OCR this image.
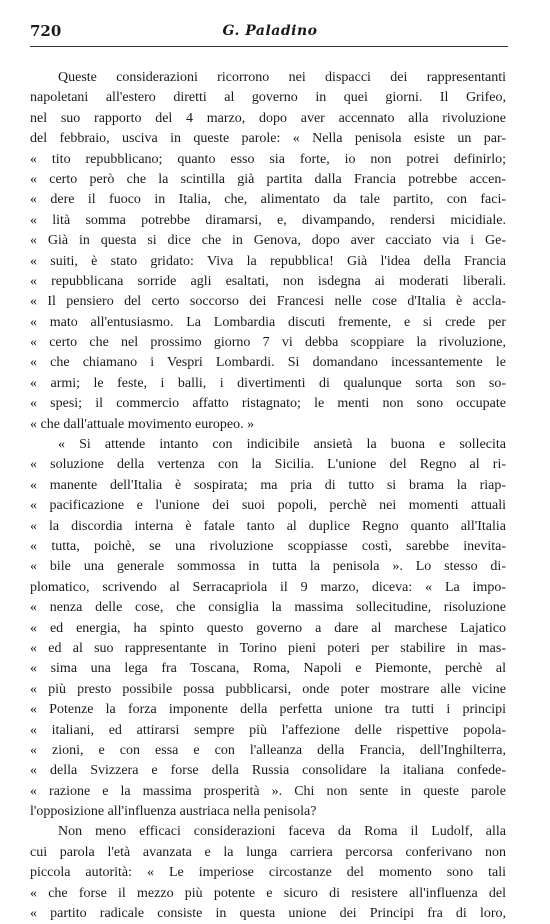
720	G. Paladino
Queste considerazioni ricorrono nei dispacci dei rappresentanti
napoletani all'estero diretti al governo in quei giorni. Il Grifeo,
nel suo rapporto del 4 marzo, dopo aver accennato alla rivoluzione
del febbraio, usciva in queste parole: « Nella penisola esiste un par-
« tito repubblicano; quanto esso sia forte, io non potrei definirlo;
« certo però che la scintilla già partita dalla Francia potrebbe accen-
« dere il fuoco in Italia, che, alimentato da tale partito, con faci-
« lità somma potrebbe diramarsi, e, divampando, rendersi micidiale.
« Già in questa si dice che in Genova, dopo aver cacciato via i Ge-
« suiti, è stato gridato: Viva la repubblica! Già l'idea della Francia
« repubblicana sorride agli esaltati, non isdegna ai moderati liberali.
« Il pensiero del certo soccorso dei Francesi nelle cose d'Italia è accla-
« mato all'entusiasmo. La Lombardia discuti fremente, e si crede per
« certo che nel prossimo giorno 7 vi debba scoppiare la rivoluzione,
« che chiamano i Vespri Lombardi. Si domandano incessantemente le
« armi; le feste, i balli, i divertimenti di qualunque sorta son so-
« spesi; il commercio affatto ristagnato; le menti non sono occupate
« che dall'attuale movimento europeo. »
« Si attende intanto con indicibile ansietà la buona e sollecita
« soluzione della vertenza con la Sicilia. L'unione del Regno al ri-
« manente dell'Italia è sospirata; ma pria di tutto si brama la riap-
« pacificazione e l'unione dei suoi popoli, perchè nei momenti attuali
« la discordia interna è fatale tanto al duplice Regno quanto all'Italia
« tutta, poichè, se una rivoluzione scoppiasse costì, sarebbe inevita-
« bile una generale sommossa in tutta la penisola ». Lo stesso di-
plomatico, scrivendo al Serracapriola il 9 marzo, diceva: « La impo-
« nenza delle cose, che consiglia la massima sollecitudine, risoluzione
« ed energia, ha spinto questo governo a dare al marchese Lajatico
« ed al suo rappresentante in Torino pieni poteri per stabilire in mas-
« sima una lega fra Toscana, Roma, Napoli e Piemonte, perchè al
« più presto possibile possa pubblicarsi, onde poter mostrare alle vicine
« Potenze la forza imponente della perfetta unione tra tutti i principi
« italiani, ed attirarsi sempre più l'affezione delle rispettive popola-
« zioni, e con essa e con l'alleanza della Francia, dell'Inghilterra,
« della Svizzera e forse della Russia consolidare la italiana confede-
« razione e la massima prosperità ». Chi non sente in queste parole
l'opposizione all'influenza austriaca nella penisola?
Non meno efficaci considerazioni faceva da Roma il Ludolf, alla
cui parola l'età avanzata e la lunga carriera percorsa conferivano non
piccola autorità: « Le imperiose circostanze del momento sono tali
« che forse il mezzo più potente e sicuro di resistere all'influenza del
« partito radicale consiste in questa unione dei Principi fra di loro,
